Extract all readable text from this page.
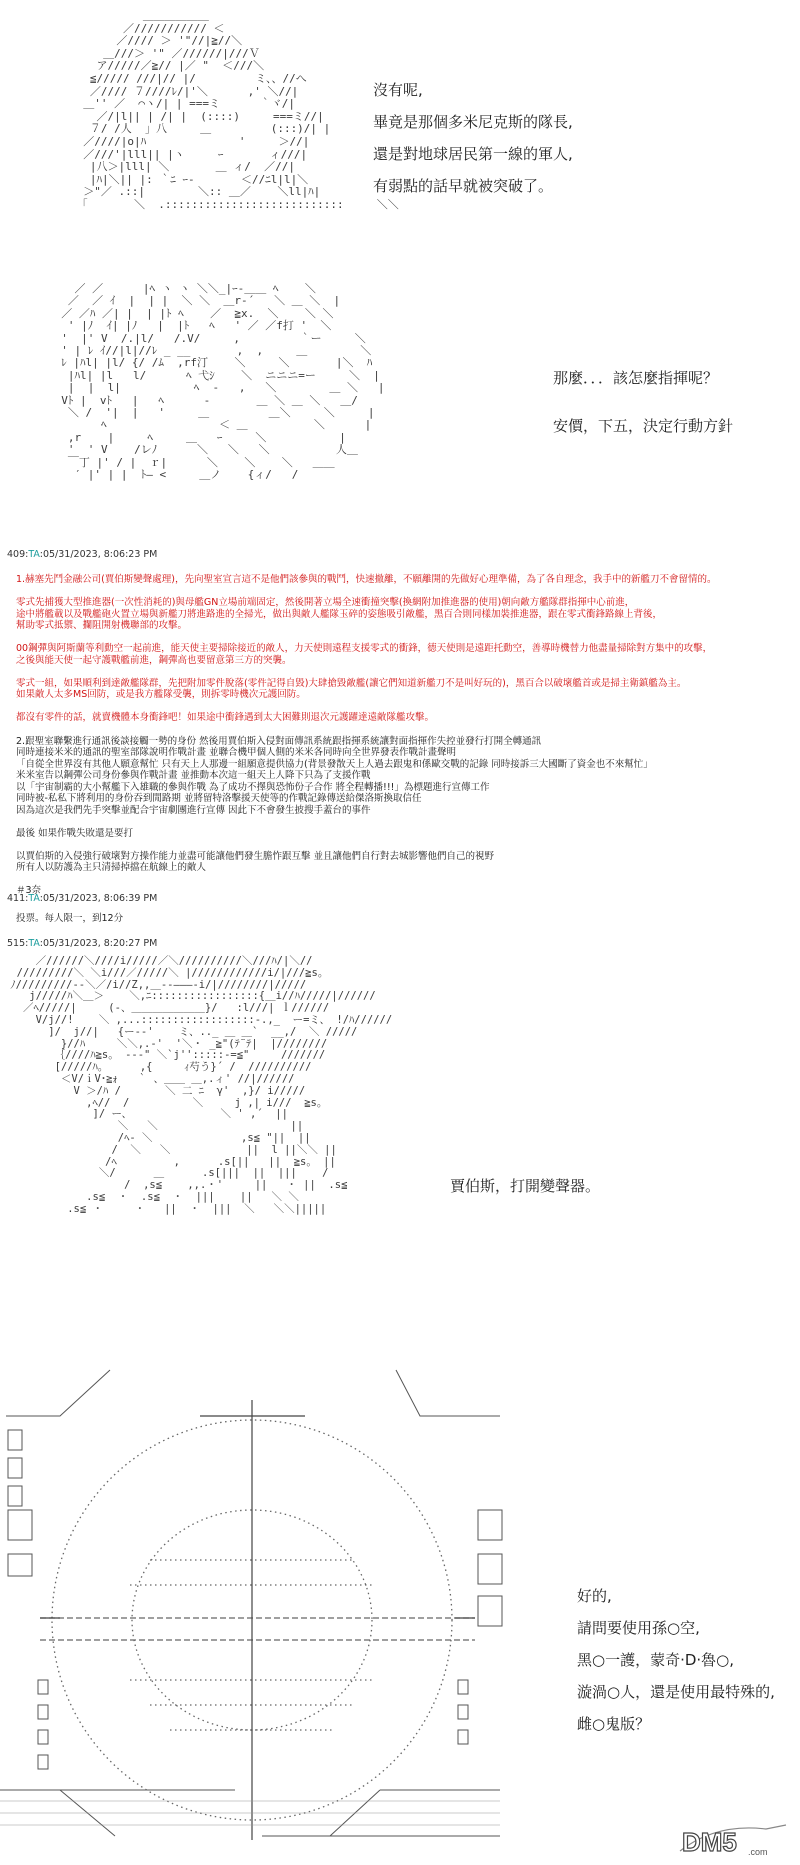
＿＿＿＿＿＿
／/////////// ＜
／//// ＞ '"//|≧//＼
＿///＞ '" ／//////|///Ｖ
ア/////／≧// |／ "  ＜///＼
≦///// ///|// |/         ミ、、//へ
／//// ７////ﾚ/|'＼      ,' ＼//|
＿'' ／  ⌒ヽ/| | ===ミ      ｀ヾ/|
／/|l|| | /| |  (::::)     ===ミ//|
７/ /人  」八     ＿         (:::)/| |
／////|o|ﾊ              '     ＞//|
／///'|lll|| |ヽ     ｰ       ィ///|
|八＞|lll| ＼       ＿ ィ/  ／//|
|ﾊ|＼|| |: ｀ﾆ ｰ-       ＜//ﾆl|l|＼
＞"／ .::|        ＼:: ＿／    ＼ll|ﾊ|
「       ＼  .:::::::::::::::::::::::::::     ＼＼

沒有呢,
畢竟是那個多米尼克斯的隊長,
還是對地球居民第一線的軍人,
有弱點的話早就被突破了。
／ ／      |ﾍ ヽ ヽ ＼＼_|ｰ-＿＿ ﾍ    ＼
／  ／ ｲ  |  | |  ＼ ＼  ＿r‐´   ＼ ＿ ＼  |
／ ／ﾊ ／| |  | |ﾄ ﾍ    ／  ≧x.  ＼    ＼ ＼
' |ﾉ  ｲ| |ﾉ   |  |ﾄ   ﾍ   ' ／ ／f打 '  ＼
'  |' V  /.|l/   /.V/     ,         ｀ー     ＼
' | ﾚ ｲ//|l|//ﾚ _ __       ,  ,     ＿        ＼
ﾚ |ﾊl| |l/ {/ /ﾑ  ,rf汀    ＼     ＼       |＼  ﾊ
|ﾊl| |l   l/      ﾍ 弋ｼ    ＼  ニニニ=ー     ＼  |
|  |  l|           ﾍ  -   ,   ＼        ＿ ＼   |
Vﾄ |  vﾄ   |   ﾍ      ‐       ＿ ＼ ＿ ＼   ＿/
＼ /  '|  |   '     ＿         ＿＼     ＼     |
ﾍ                 ＜ ＿          ＼      |
,r    |     ﾍ     ＿   ｰ     ＼           |
'  ' V    /レﾉ      ＼   ＼   ＼          人＿
￣丁 |' / |  ｒ|      ＼    ＼    ＼   ＿＿
′ |' | |  ﾄ― <     ＿ノ    {ィ/   /

那麼．．．該怎麼指揮呢？
安價，下五，決定行動方針
409:TA:05/31/2023, 8:06:23 PM
1.赫塞先鬥金融公司(賈伯斯變聲處理)，先向聖室宣言這不是他們該參與的戰鬥，快速撤離，不願離開的先做好心理準備，為了各自理念，我手中的新艦刀不會留情的。
零式先捕獲大型推進器(一次性消耗的)與母艦GN立場前端固定，然後開著立場全速衝撞突擊(換網附加推進器的使用)朝向敵方艦隊群指揮中心前進，
途中將艦載以及戰艦砲火置立場與新艦刀將進路進的全掃光，做出與敵人艦隊玉碎的姿態吸引敵艦，黑百合則同樣加裝推進器，跟在零式衝鋒路線上背後，
幫助零式抵禦、攔阻開射機聯部的攻擊。
00鋼彈與阿斯蘭等利動空一起前進，能天使主要掃除接近的敵人，力天使則遠程支援零式的衝鋒，德天使則是遠距托動空，善導時機替力他盡量掃除對方集中的攻擊，
之後與能天使一起守護戰艦前進，鋼彈高也要留意第三方的突襲。
零式一組，如果順利到達敵艦隊群，先把附加零件脫落(零件記得自毀)大肆搶毀敵艦(讓它們知道新艦刀不是叫好玩的)，黑百合以破壞艦首或是掃主衛鎮艦為主。
如果敵人太多MS回防，或是我方艦隊受襲，則拆零時機次元護回防。
都沒有零件的話，就賣機體本身衝鋒吧！如果途中衝鋒遇到太大困難則退次元護躍達遠敵隊艦攻擊。
2.跟聖室聯繫進行通訊後談接觸一勢的身份 然後用賈伯斯入侵對面傳訊系統跟指揮系統讓對面指揮作失控並發行打開全轉通訊
同時連接米米的通訊的聖室部隊說明作戰計畫 並聯合機甲個人側的米米各同時向全世界發表作戰計畫聲明
「自從全世界沒有其他人願意幫忙 只有天上人那邊一組願意提供協力(背景發散天上人過去跟鬼和係歐交戰的記錄 同時接訴三大國斷了資金也不來幫忙」
米米室告以鋼彈公司身份參與作戰計畫 並推動本次這一組天上人降下只為了支援作戰
以「宇宙制霸的大小幫艦下入雄職的參與作戰 為了成功不擇與恐怖份子合作 將全程轉播!!!」為標題進行宣傳工作
同時被-私私下將利用的身份吞到閒路期 並將留特洛擊援天使等的作戰記錄傳送給傑洛斯換取信任
因為這次是我們先手突擊並配合宇宙劇團進行宣傳 因此下不會發生披搜手蓋台的事件
最後 如果作戰失敗還是要打
以賈伯斯的入侵強行破壞對方操作能力並盡可能讓他們發生膽怍跟互擊 並且讓他們自行對去城影響他們自己的視野
所有人以防護為主只清掃掉擋在航線上的敵人
＃3奈
411:TA:05/31/2023, 8:06:39 PM
投票。每人限一，到12分
515:TA:05/31/2023, 8:20:27 PM
／//////＼////i/////／＼//////////＼///ﾊ/|＼//
/////////＼ ＼i///／/////＼ |////////////i/|///≧s。
ﾉ/////////‐-＼／/i//Z,,＿‐-―――-i/|////////|/////
j/////ﾊ＼＿＞    ＼,ﾆ:::::::::::::::::{＿i//ﾊ/////|//////
／ﾍ/////|     (-、＿＿＿＿＿＿＿}/   :l///| ｌ//////
V/j//!    ＼ ,...::::::::::::::::::-.,_  ー=ミ、 !/ﾊ//////
]/  j//|   {ー-‐'    ミ、.._ ＿ ＿`  __,/  ＼ /////
}//ﾊ     ＼＼,.-'  '＼・ _≧"(ﾃ¨ﾃ|  |////////
｛////ﾊ≧s。 ‐-‐" ＼`j'':::::-=≦"     ///////
[/////ﾊ。     ,{     ｨ芍う}´ /  //////////
＜V/ｉV･≧ｫ   ｀ 、＿＿ ＿,.ィ' //|//////
V ＞/ﾊ /       ＼ 二 ﾆ  γ'  ,}/ i/////
,ﾍ//  /          ＼     j ,| i///  ≧s。
]/ ー、              ＼ ' ,´  ||
＼   ＼                     ||
/ﾍ‐ ＼              ,s≦ "||  ||
/  ＼   ＼            ||  l ||＼＼ ||
/ﾍ         ,      .s[||   ||  ≧s。 ||
＼/      ＿      .s[|||  ||  |||    /
/  ,s≦    ,,.・'     ||   ・ ||  .s≦
.s≦  ・  .s≦  ・  |||    ||   ＼ ＼
.s≦ ・     ・   ||  ・  |||  ＼   ＼＼|||||

賈伯斯，打開變聲器。
好的,
請問要使用孫○空,
黑○一護，蒙奇·D·魯○,
漩渦○人，還是使用最特殊的,
雌○鬼版？
DM5 .com
